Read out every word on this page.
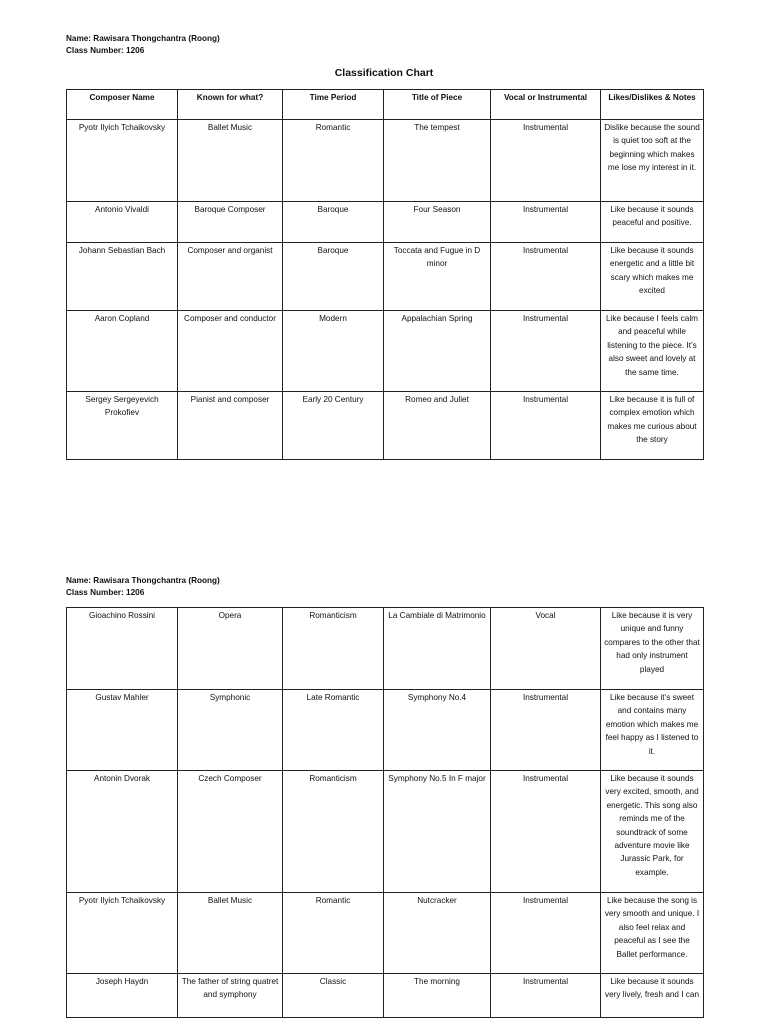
Name: Rawisara Thongchantra (Roong)
Class Number: 1206
Classification Chart
Composer Name	Known for what?	Time Period	Title of Piece	Vocal or Instrumental	Likes/Dislikes & Notes
Pyotr Ilyich Tchaikovsky	Ballet Music	Romantic	The tempest	Instrumental	Dislike because the sound is quiet too soft at the beginning which makes me lose my interest in it.
Antonio Vivaldi	Baroque Composer	Baroque	Four Season	Instrumental	Like because it sounds peaceful and positive.
Johann Sebastian Bach	Composer and organist	Baroque	Toccata and Fugue in D minor	Instrumental	Like because it sounds energetic and a little bit scary which makes me excited
Aaron Copland	Composer and conductor	Modern	Appalachian Spring	Instrumental	Like because I feels calm and peaceful while listening to the piece. It’s also sweet and lovely at the same time.
Sergey Sergeyevich Prokofiev	Pianist and composer	Early 20 Century	Romeo and Juliet	Instrumental	Like because it is full of complex emotion which makes me curious about the story
Name: Rawisara Thongchantra (Roong)
Class Number: 1206
Gioachino Rossini	Opera	Romanticism	La Cambiale di Matrimonio	Vocal	Like because it is very unique and funny compares to the other that had only instrument played
Gustav Mahler	Symphonic	Late Romantic	Symphony No.4	Instrumental	Like because it’s sweet and contains many emotion which makes me feel happy as I listened to it.
Antonin Dvorak	Czech Composer	Romanticism	Symphony No.5 In F major	Instrumental	Like because it sounds very excited, smooth, and energetic. This song also reminds me of the soundtrack of some adventure movie like Jurassic Park, for example.
Pyotr Ilyich Tchaikovsky	Ballet Music	Romantic	Nutcracker	Instrumental	Like because the song is very smooth and unique. I also feel relax and peaceful as I see the Ballet performance.
Joseph Haydn	The father of string quatret and symphony	Classic	The morning	Instrumental	Like because it sounds very lively, fresh and I can
